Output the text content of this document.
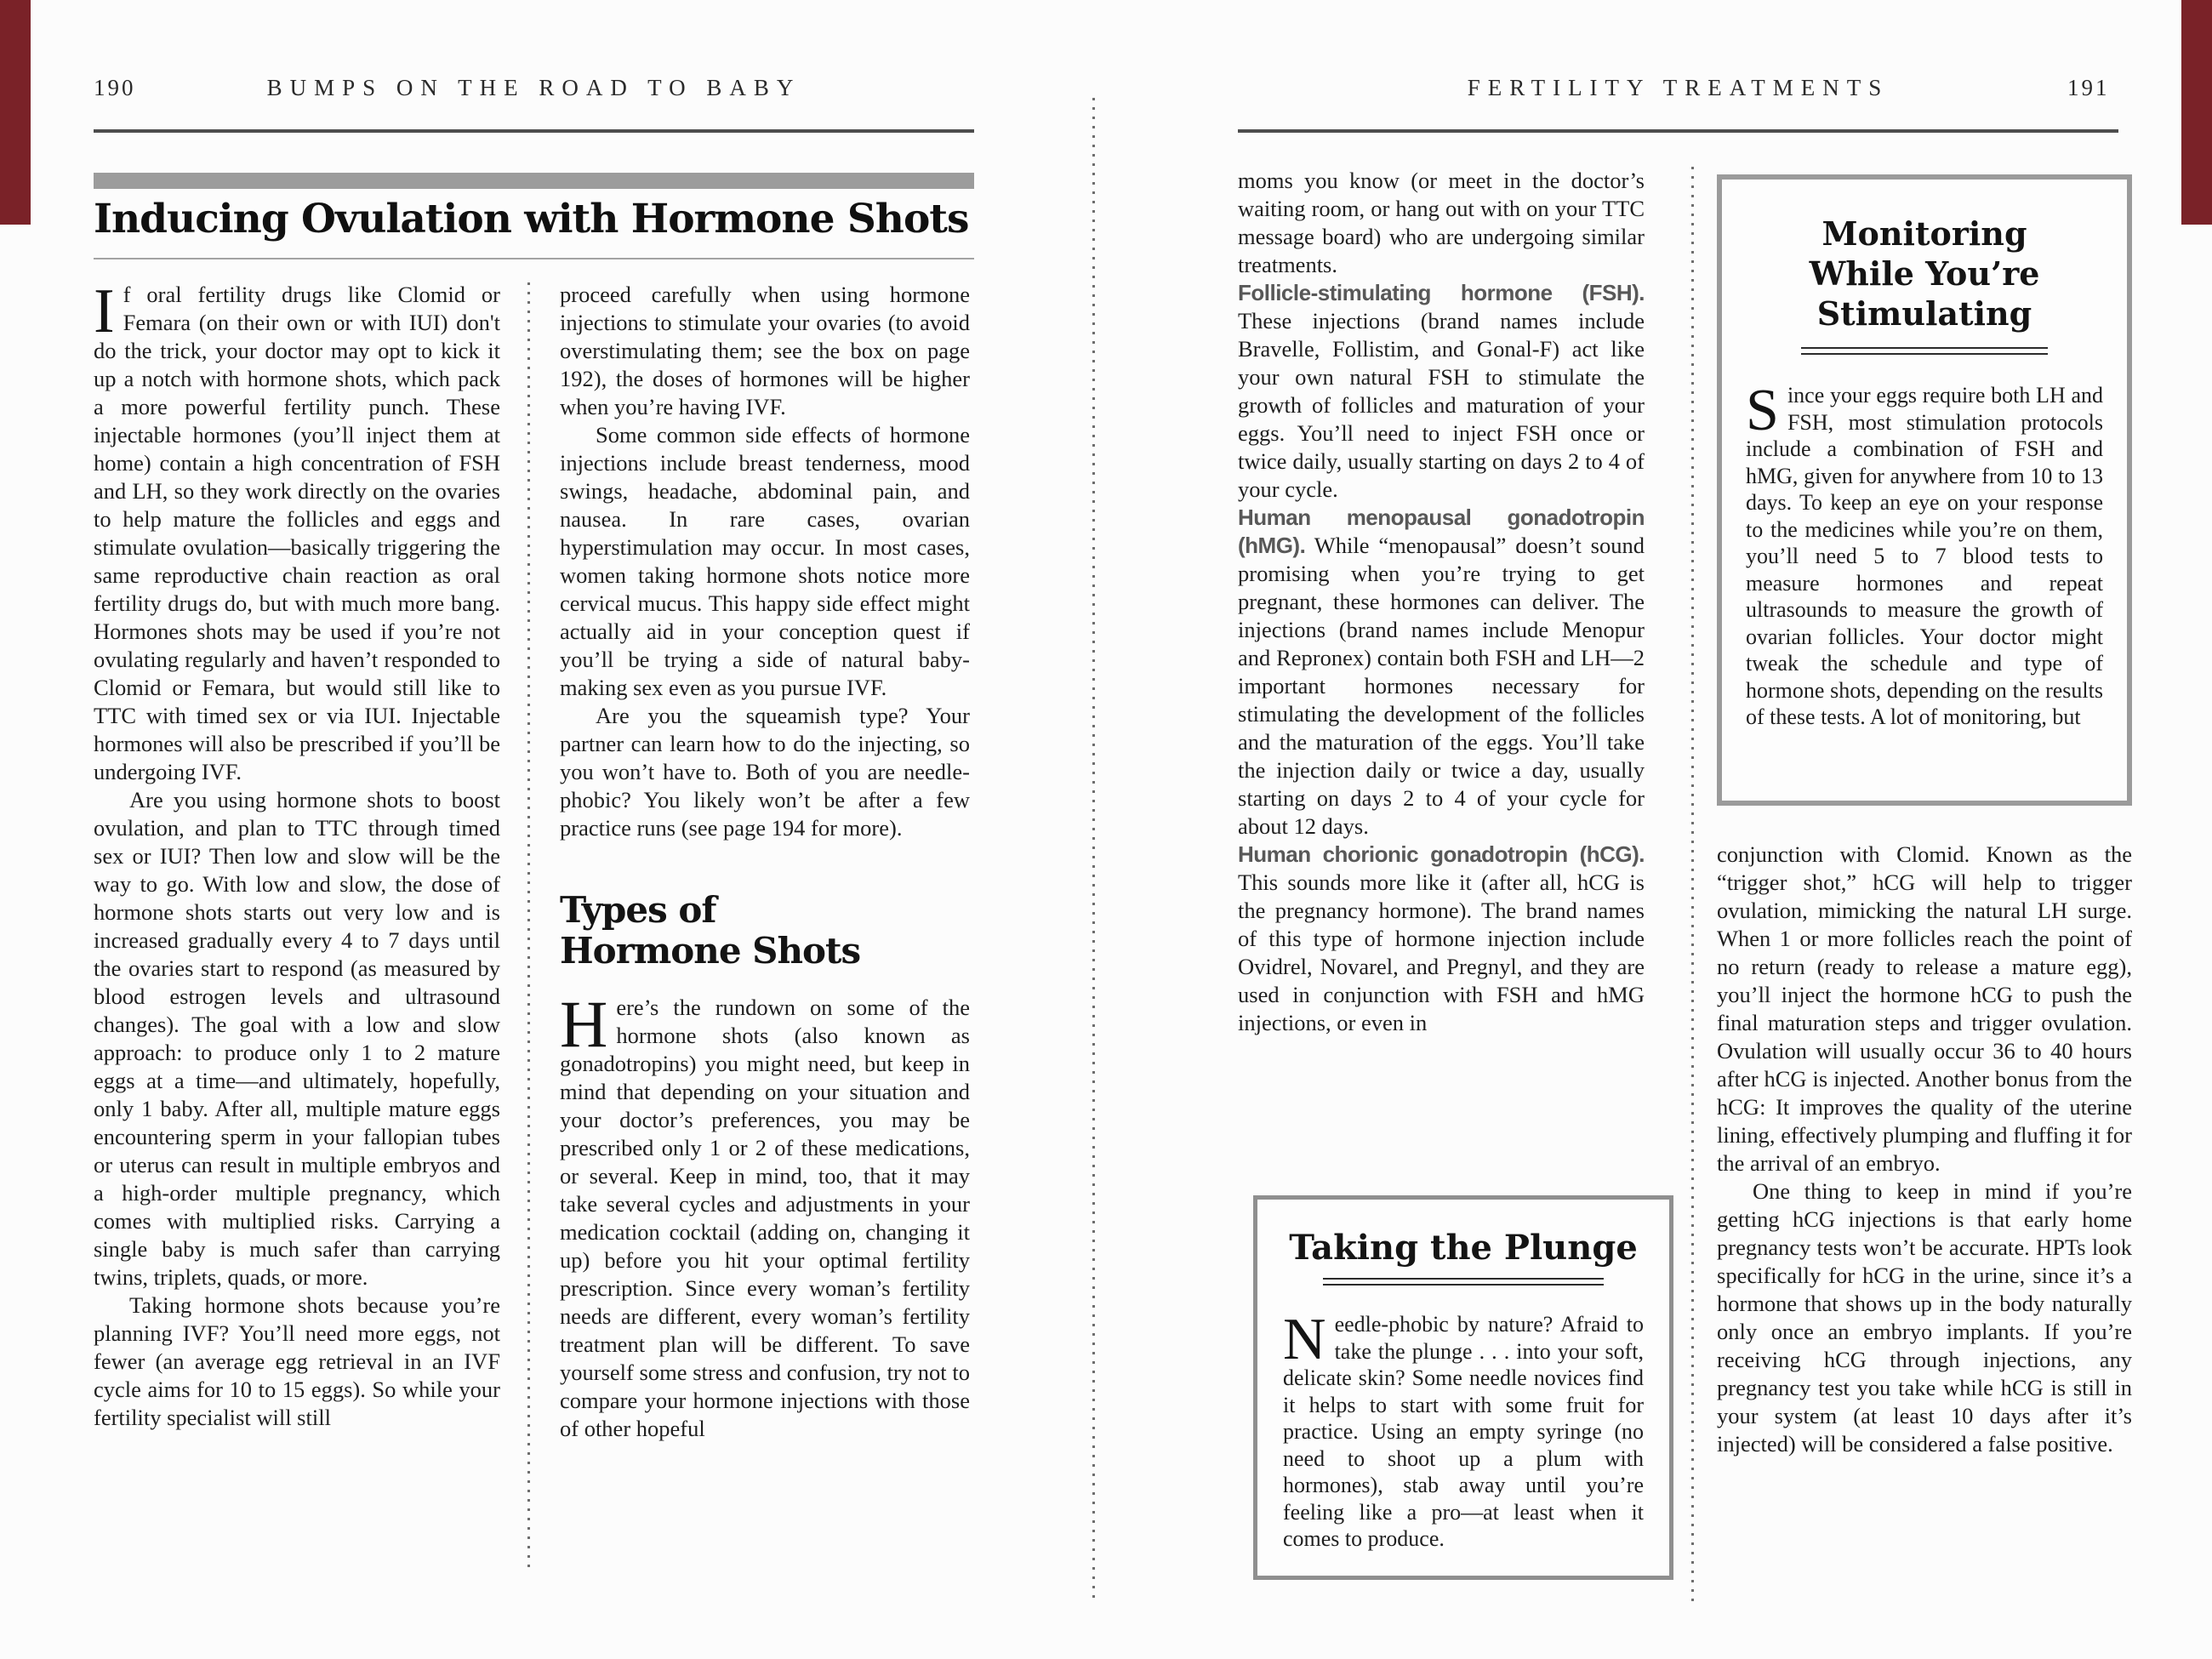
190	BUMPS ON THE ROAD TO BABY
Inducing Ovulation with Hormone Shots

If oral fertility drugs like Clomid or Femara (on their own or with IUI) don't do the trick, your doctor may opt to kick it up a notch with hormone shots, which pack a more powerful fertility punch. These injectable hormones (you’ll inject them at home) contain a high concentration of FSH and LH, so they work directly on the ovaries to help mature the follicles and eggs and stimulate ovulation—basically triggering the same reproductive chain reaction as oral fertility drugs do, but with much more bang. Hormones shots may be used if you’re not ovulating regularly and haven’t responded to Clomid or Femara, but would still like to TTC with timed sex or via IUI. Injectable hormones will also be prescribed if you’ll be undergoing IVF.

Are you using hormone shots to boost ovulation, and plan to TTC through timed sex or IUI? Then low and slow will be the way to go. With low and slow, the dose of hormone shots starts out very low and is increased gradually every 4 to 7 days until the ovaries start to respond (as measured by blood estrogen levels and ultrasound changes). The goal with a low and slow approach: to produce only 1 to 2 mature eggs at a time—and ultimately, hopefully, only 1 baby. After all, multiple mature eggs encountering sperm in your fallopian tubes or uterus can result in multiple embryos and a high-order multiple pregnancy, which comes with multiplied risks. Carrying a single baby is much safer than carrying twins, triplets, quads, or more.

Taking hormone shots because you’re planning IVF? You’ll need more eggs, not fewer (an average egg retrieval in an IVF cycle aims for 10 to 15 eggs). So while your fertility specialist will still

proceed carefully when using hormone injections to stimulate your ovaries (to avoid overstimulating them; see the box on page 192), the doses of hormones will be higher when you’re having IVF.

Some common side effects of hormone injections include breast tenderness, mood swings, headache, abdominal pain, and nausea. In rare cases, ovarian hyperstimulation may occur. In most cases, women taking hormone shots notice more cervical mucus. This happy side effect might actually aid in your conception quest if you’ll be trying a side of natural baby-making sex even as you pursue IVF.

Are you the squeamish type? Your partner can learn how to do the injecting, so you won’t have to. Both of you are needle-phobic? You likely won’t be after a few practice runs (see page 194 for more).

Types of
Hormone Shots

Here’s the rundown on some of the hormone shots (also known as gonadotropins) you might need, but keep in mind that depending on your situation and your doctor’s preferences, you may be prescribed only 1 or 2 of these medications, or several. Keep in mind, too, that it may take several cycles and adjustments in your medication cocktail (adding on, changing it up) before you hit your optimal fertility prescription. Since every woman’s fertility needs are different, every woman’s fertility treatment plan will be different. To save yourself some stress and confusion, try not to compare your hormone injections with those of other hopeful

FERTILITY TREATMENTS	191

moms you know (or meet in the doctor’s waiting room, or hang out with on your TTC message board) who are undergoing similar treatments.

Follicle-stimulating hormone (FSH). These injections (brand names include Bravelle, Follistim, and Gonal-F) act like your own natural FSH to stimulate the growth of follicles and maturation of your eggs. You’ll need to inject FSH once or twice daily, usually starting on days 2 to 4 of your cycle.

Human menopausal gonadotropin (hMG). While “menopausal” doesn’t sound promising when you’re trying to get pregnant, these hormones can deliver. The injections (brand names include Menopur and Repronex) contain both FSH and LH—2 important hormones necessary for stimulating the development of the follicles and the maturation of the eggs. You’ll take the injection daily or twice a day, usually starting on days 2 to 4 of your cycle for about 12 days.

Human chorionic gonadotropin (hCG). This sounds more like it (after all, hCG is the pregnancy hormone). The brand names of this type of hormone injection include Ovidrel, Novarel, and Pregnyl, and they are used in conjunction with FSH and hMG injections, or even in

Monitoring
While You’re
Stimulating
Since your eggs require both LH and FSH, most stimulation protocols include a combination of FSH and hMG, given for anywhere from 10 to 13 days. To keep an eye on your response to the medicines while you’re on them, you’ll need 5 to 7 blood tests to measure hormones and repeat ultrasounds to measure the growth of ovarian follicles. Your doctor might tweak the schedule and type of hormone shots, depending on the results of these tests. A lot of monitoring, but

conjunction with Clomid. Known as the “trigger shot,” hCG will help to trigger ovulation, mimicking the natural LH surge. When 1 or more follicles reach the point of no return (ready to release a mature egg), you’ll inject the hormone hCG to push the final maturation steps and trigger ovulation. Ovulation will usually occur 36 to 40 hours after hCG is injected. Another bonus from the hCG: It improves the quality of the uterine lining, effectively plumping and fluffing it for the arrival of an embryo.

One thing to keep in mind if you’re getting hCG injections is that early home pregnancy tests won’t be accurate. HPTs look specifically for hCG in the urine, since it’s a hormone that shows up in the body naturally only once an embryo implants. If you’re receiving hCG through injections, any pregnancy test you take while hCG is still in your system (at least 10 days after it’s injected) will be considered a false positive.

Taking the Plunge
Needle-phobic by nature? Afraid to take the plunge . . . into your soft, delicate skin? Some needle novices find it helps to start with some fruit for practice. Using an empty syringe (no need to shoot up a plum with hormones), stab away until you’re feeling like a pro—at least when it comes to produce.
